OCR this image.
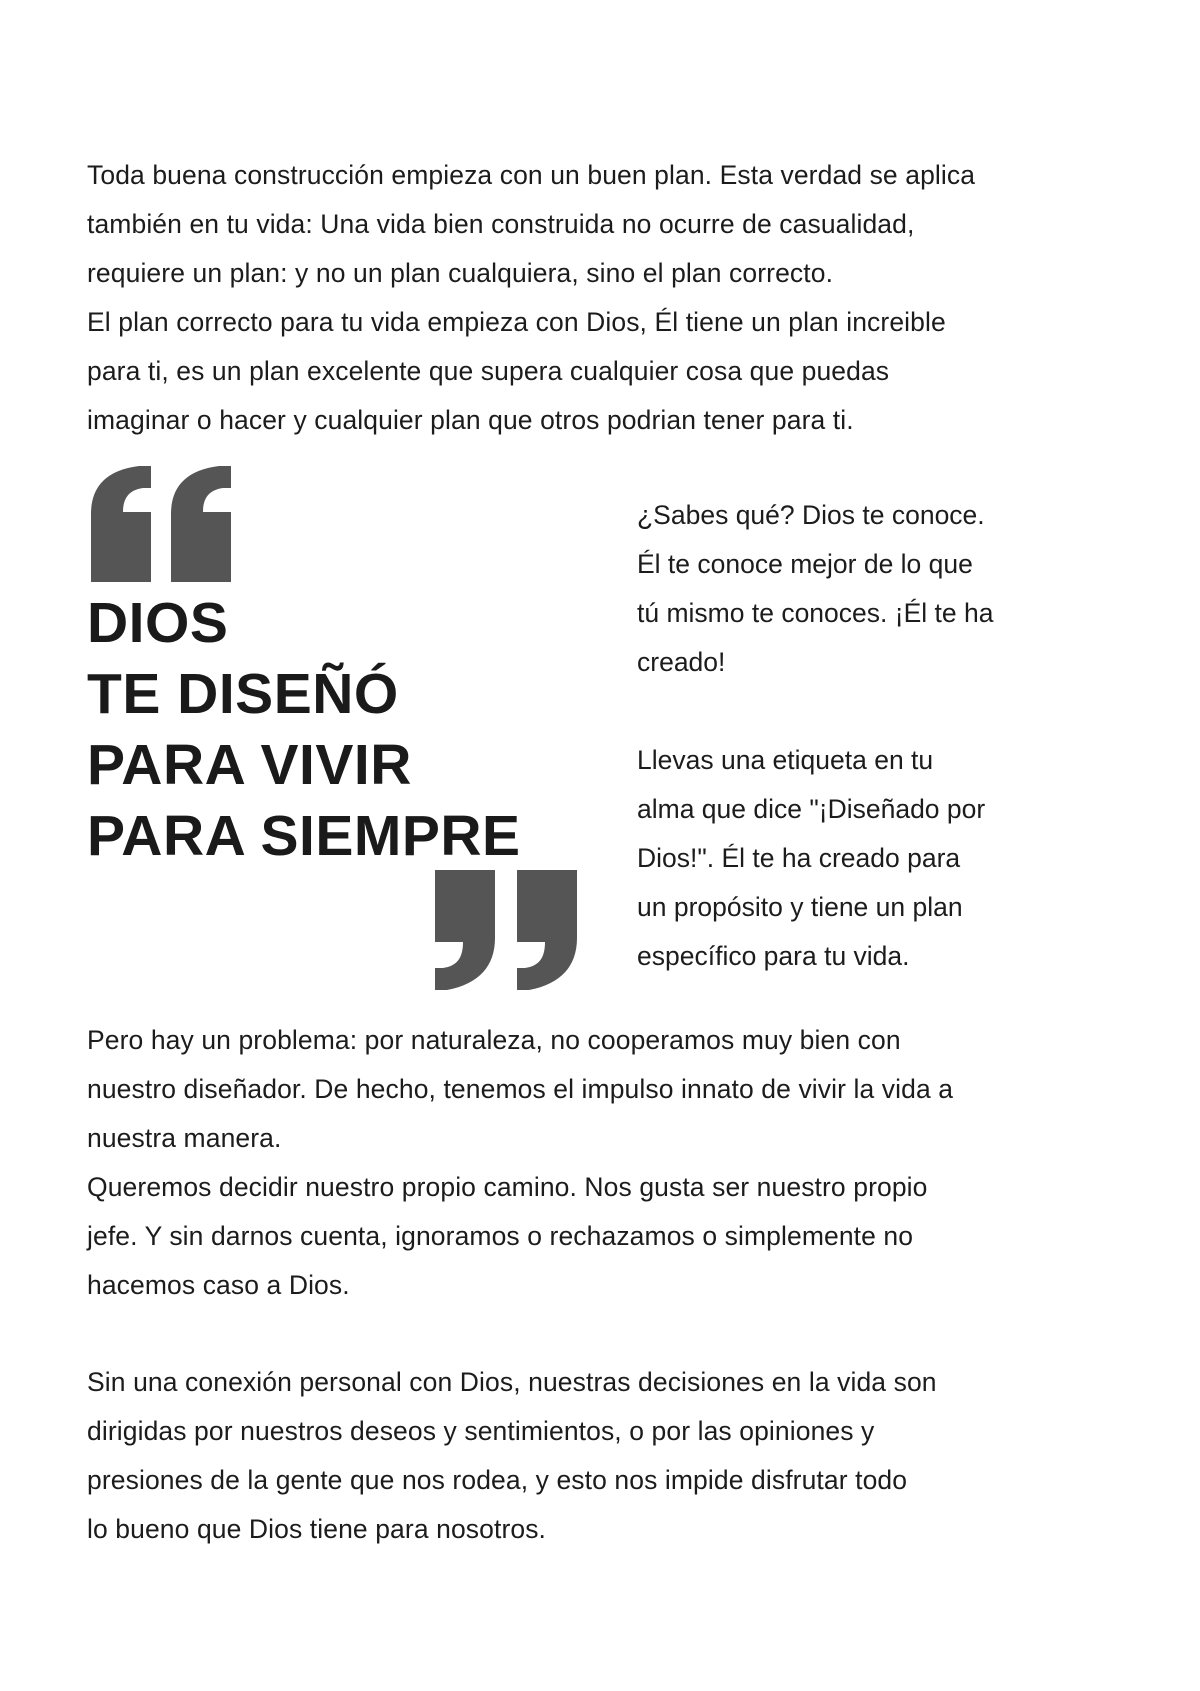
Toda buena construcción empieza con un buen plan. Esta verdad se aplica
también en tu vida: Una vida bien construida no ocurre de casualidad,
requiere un plan: y no un plan cualquiera, sino el plan correcto.
El plan correcto para tu vida empieza con Dios, Él tiene un plan increible
para ti, es un plan excelente que supera cualquier cosa que puedas
imaginar o hacer y cualquier plan que otros podrian tener para ti.
DIOS
TE DISEÑÓ
PARA VIVIR
PARA SIEMPRE
¿Sabes qué? Dios te conoce.
Él te conoce mejor de lo que
tú mismo te conoces. ¡Él te ha
creado!
Llevas una etiqueta en tu
alma que dice "¡Diseñado por
Dios!". Él te ha creado para
un propósito y tiene un plan
específico para tu vida.
Pero hay un problema: por naturaleza, no cooperamos muy bien con
nuestro diseñador. De hecho, tenemos el impulso innato de vivir la vida a
nuestra manera.
Queremos decidir nuestro propio camino. Nos gusta ser nuestro propio
jefe. Y sin darnos cuenta, ignoramos o rechazamos o simplemente no
hacemos caso a Dios.
Sin una conexión personal con Dios, nuestras decisiones en la vida son
dirigidas por nuestros deseos y sentimientos, o por las opiniones y
presiones de la gente que nos rodea, y esto nos impide disfrutar todo
lo bueno que Dios tiene para nosotros.
